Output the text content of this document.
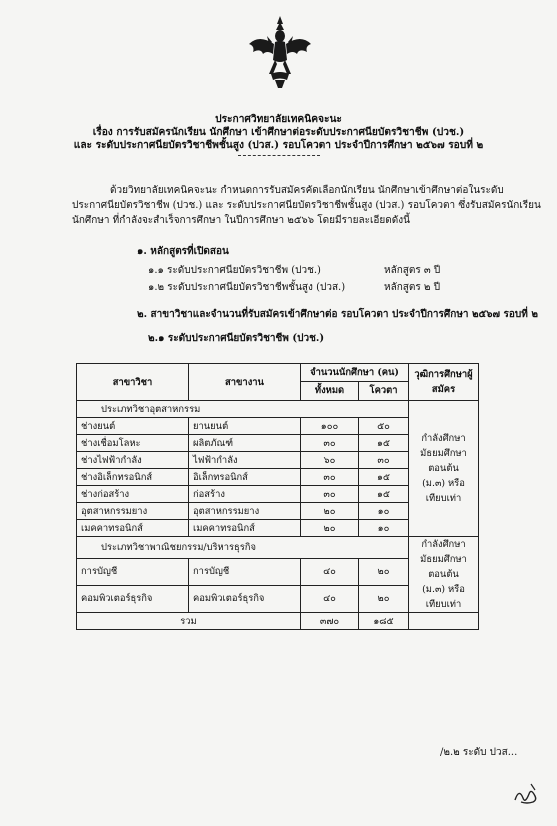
ประกาศวิทยาลัยเทคนิคจะนะ
เรื่อง การรับสมัครนักเรียน นักศึกษา เข้าศึกษาต่อระดับประกาศนียบัตรวิชาชีพ (ปวช.)
และ ระดับประกาศนียบัตรวิชาชีพชั้นสูง (ปวส.) รอบโควตา ประจำปีการศึกษา ๒๕๖๗ รอบที่ ๒
ด้วยวิทยาลัยเทคนิคจะนะ กำหนดการรับสมัครคัดเลือกนักเรียน นักศึกษาเข้าศึกษาต่อในระดับ
ประกาศนียบัตรวิชาชีพ (ปวช.) และ ระดับประกาศนียบัตรวิชาชีพชั้นสูง (ปวส.) รอบโควตา ซึ่งรับสมัครนักเรียน
นักศึกษา ที่กำลังจะสำเร็จการศึกษา ในปีการศึกษา ๒๕๖๖ โดยมีรายละเอียดดังนี้
๑. หลักสูตรที่เปิดสอน
๑.๑ ระดับประกาศนียบัตรวิชาชีพ (ปวช.)	หลักสูตร ๓ ปี
๑.๒ ระดับประกาศนียบัตรวิชาชีพชั้นสูง (ปวส.)	หลักสูตร ๒ ปี
๒. สาขาวิชาและจำนวนที่รับสมัครเข้าศึกษาต่อ รอบโควตา ประจำปีการศึกษา ๒๕๖๗ รอบที่ ๒
๒.๑ ระดับประกาศนียบัตรวิชาชีพ (ปวช.)
สาขาวิชา	สาขางาน	จำนวนนักศึกษา (คน)		วุฒิการศึกษาผู้สมัคร
		ทั้งหมด	โควตา	
ประเภทวิชาอุตสาหกรรม				กำลังศึกษา
มัธยมศึกษาตอนต้น
(ม.๓) หรือ เทียบเท่า

ช่างยนต์	ยานยนต์	๑๐๐	๕๐	
ช่างเชื่อมโลหะ	ผลิตภัณฑ์	๓๐	๑๕	
ช่างไฟฟ้ากำลัง	ไฟฟ้ากำลัง	๖๐	๓๐	
ช่างอิเล็กทรอนิกส์	อิเล็กทรอนิกส์	๓๐	๑๕	
ช่างก่อสร้าง	ก่อสร้าง	๓๐	๑๕	
อุตสาหกรรมยาง	อุตสาหกรรมยาง	๒๐	๑๐	
เมคคาทรอนิกส์	เมคคาทรอนิกส์	๒๐	๑๐	
ประเภทวิชาพาณิชยกรรม/บริหารธุรกิจ				กำลังศึกษา
มัธยมศึกษาตอนต้น
(ม.๓) หรือ เทียบเท่า

การบัญชี	การบัญชี	๔๐	๒๐	
คอมพิวเตอร์ธุรกิจ	คอมพิวเตอร์ธุรกิจ	๔๐	๒๐	
รวม		๓๗๐	๑๘๕	
/๒.๒ ระดับ ปวส...
